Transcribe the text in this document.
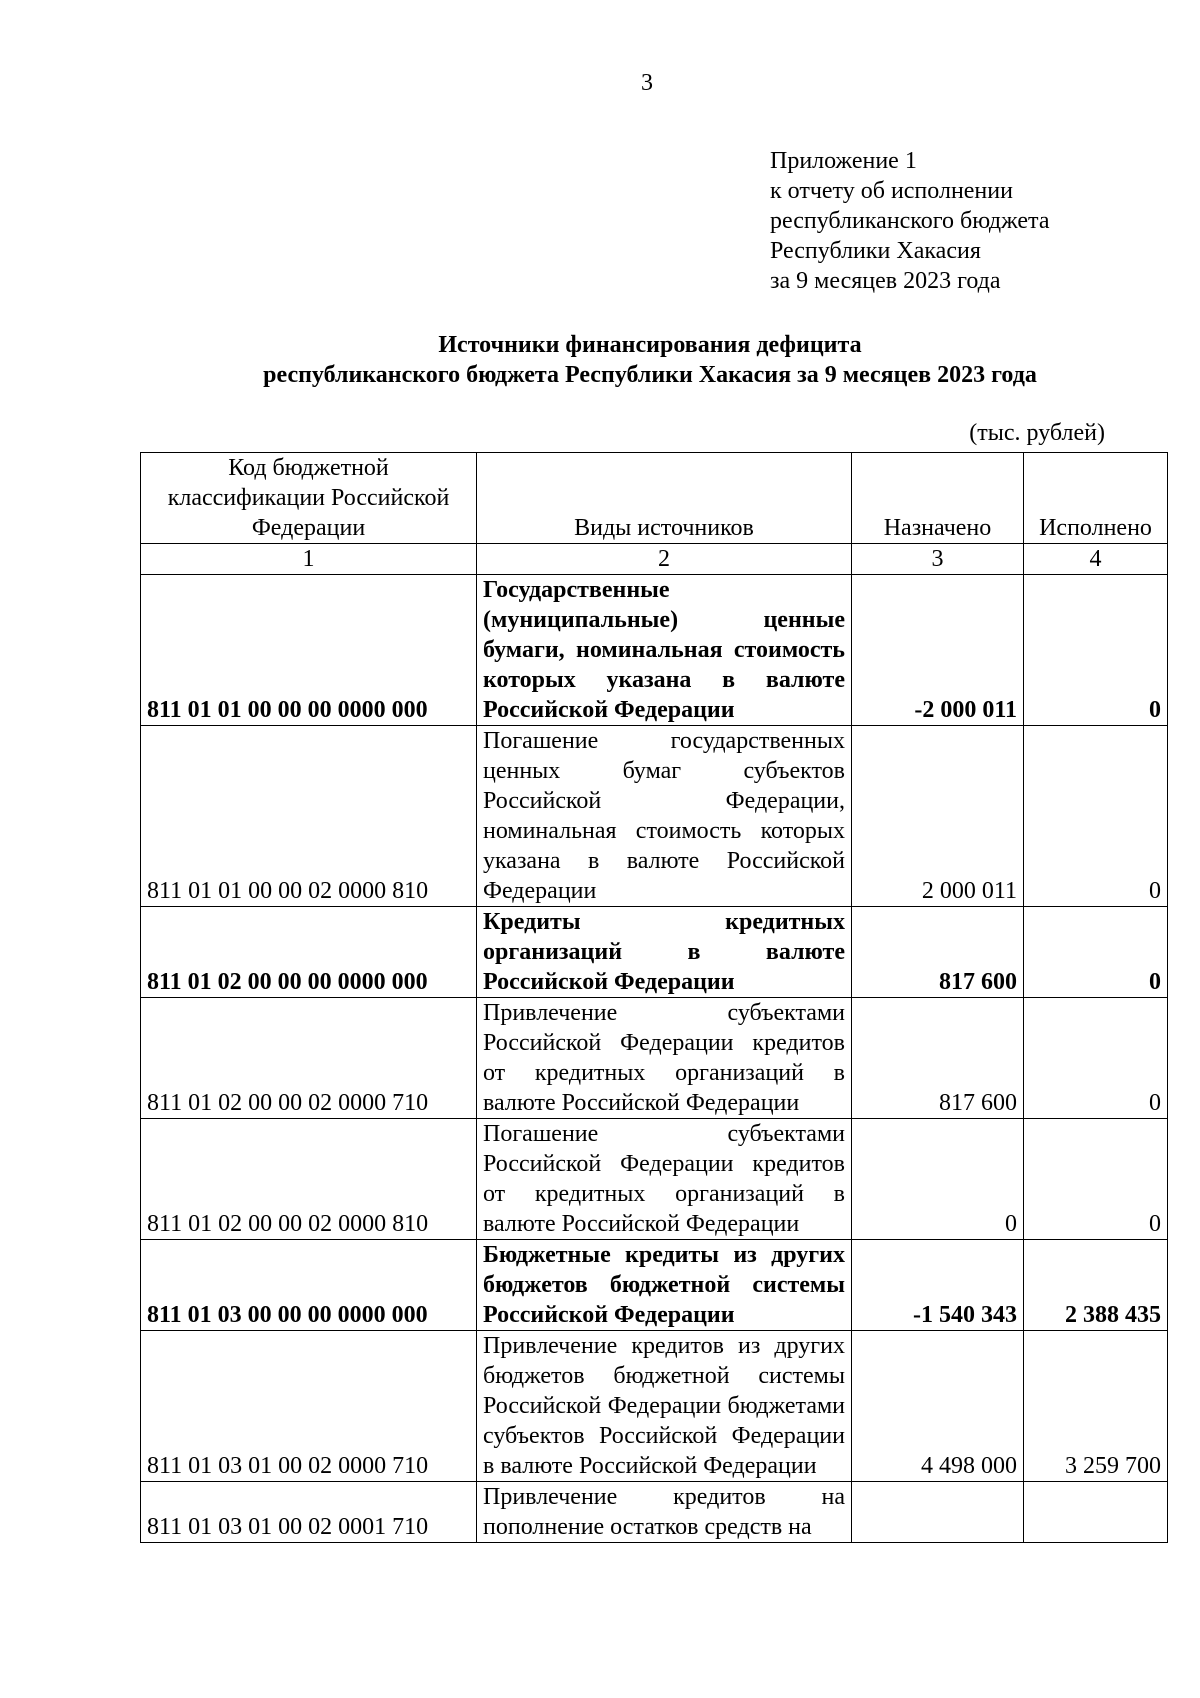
3
Приложение 1
к отчету об исполнении
республиканского бюджета
Республики Хакасия
за 9 месяцев 2023 года
Источники финансирования дефицита
республиканского бюджета Республики Хакасия за 9 месяцев 2023 года
(тыс. рублей)
Код бюджетной классификации Российской Федерации	Виды источников	Назначено	Исполнено
1	2	3	4
811 01 01 00 00 00 0000 000	Государственные (муниципальные) ценные бумаги, номинальная стоимость которых указана в валюте Российской Федерации	-2 000 011	0
811 01 01 00 00 02 0000 810	Погашение государственных ценных бумаг субъектов Российской Федерации, номинальная стоимость которых указана в валюте Российской Федерации	2 000 011	0
811 01 02 00 00 00 0000 000	Кредиты кредитных организаций в валюте Российской Федерации	817 600	0
811 01 02 00 00 02 0000 710	Привлечение субъектами Российской Федерации кредитов от кредитных организаций в валюте Российской Федерации	817 600	0
811 01 02 00 00 02 0000 810	Погашение субъектами Российской Федерации кредитов от кредитных организаций в валюте Российской Федерации	0	0
811 01 03 00 00 00 0000 000	Бюджетные кредиты из других бюджетов бюджетной системы Российской Федерации	-1 540 343	2 388 435
811 01 03 01 00 02 0000 710	Привлечение кредитов из других бюджетов бюджетной системы Российской Федерации бюджетами субъектов Российской Федерации в валюте Российской Федерации	4 498 000	3 259 700
811 01 03 01 00 02 0001 710	Привлечение кредитов на пополнение остатков средств на		
